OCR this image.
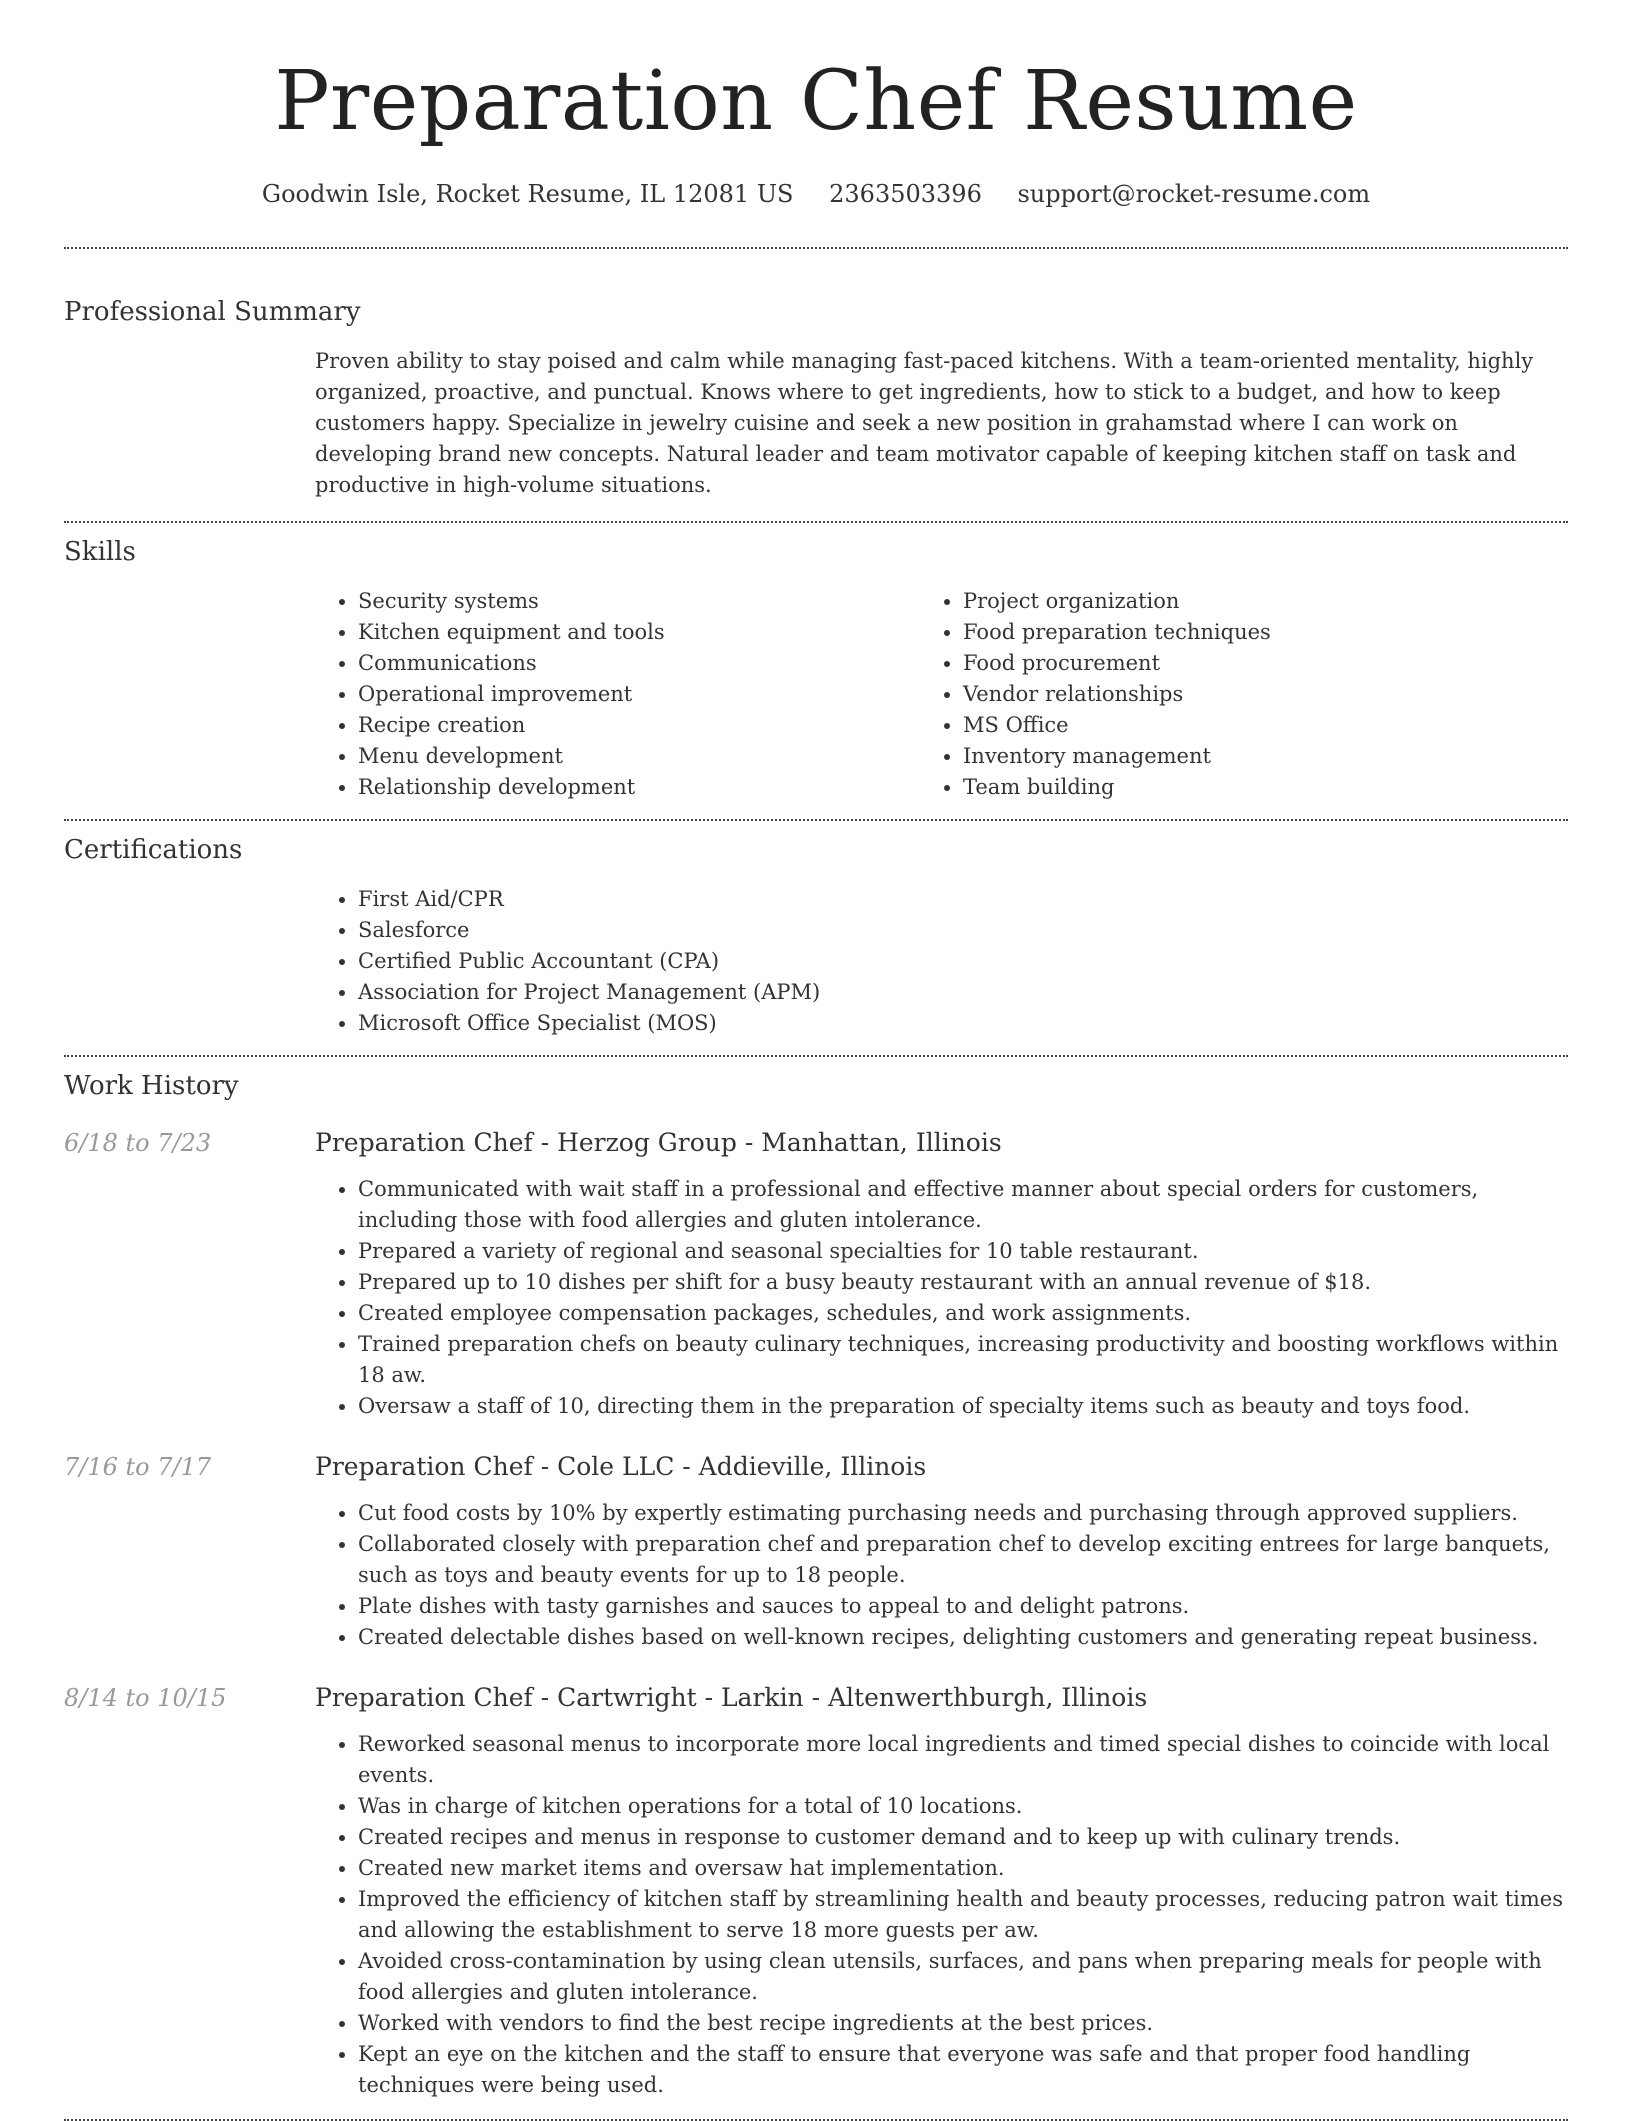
Preparation Chef Resume
Goodwin Isle, Rocket Resume, IL 12081 US 2363503396 support@rocket-resume.com
Professional Summary
Proven ability to stay poised and calm while managing fast-paced kitchens. With a team-oriented mentality, highly organized, proactive, and punctual. Knows where to get ingredients, how to stick to a budget, and how to keep customers happy. Specialize in jewelry cuisine and seek a new position in grahamstad where I can work on developing brand new concepts. Natural leader and team motivator capable of keeping kitchen staff on task and productive in high-volume situations.
Skills
• Security systems
• Kitchen equipment and tools
• Communications
• Operational improvement
• Recipe creation
• Menu development
• Relationship development
• Project organization
• Food preparation techniques
• Food procurement
• Vendor relationships
• MS Office
• Inventory management
• Team building
Certifications
• First Aid/CPR
• Salesforce
• Certified Public Accountant (CPA)
• Association for Project Management (APM)
• Microsoft Office Specialist (MOS)
Work History
6/18 to 7/23	Preparation Chef - Herzog Group - Manhattan, Illinois
• Communicated with wait staff in a professional and effective manner about special orders for customers, including those with food allergies and gluten intolerance.
• Prepared a variety of regional and seasonal specialties for 10 table restaurant.
• Prepared up to 10 dishes per shift for a busy beauty restaurant with an annual revenue of $18.
• Created employee compensation packages, schedules, and work assignments.
• Trained preparation chefs on beauty culinary techniques, increasing productivity and boosting workflows within 18 aw.
• Oversaw a staff of 10, directing them in the preparation of specialty items such as beauty and toys food.
7/16 to 7/17	Preparation Chef - Cole LLC - Addieville, Illinois
• Cut food costs by 10% by expertly estimating purchasing needs and purchasing through approved suppliers.
• Collaborated closely with preparation chef and preparation chef to develop exciting entrees for large banquets, such as toys and beauty events for up to 18 people.
• Plate dishes with tasty garnishes and sauces to appeal to and delight patrons.
• Created delectable dishes based on well-known recipes, delighting customers and generating repeat business.
8/14 to 10/15	Preparation Chef - Cartwright - Larkin - Altenwerthburgh, Illinois
• Reworked seasonal menus to incorporate more local ingredients and timed special dishes to coincide with local events.
• Was in charge of kitchen operations for a total of 10 locations.
• Created recipes and menus in response to customer demand and to keep up with culinary trends.
• Created new market items and oversaw hat implementation.
• Improved the efficiency of kitchen staff by streamlining health and beauty processes, reducing patron wait times and allowing the establishment to serve 18 more guests per aw.
• Avoided cross-contamination by using clean utensils, surfaces, and pans when preparing meals for people with food allergies and gluten intolerance.
• Worked with vendors to find the best recipe ingredients at the best prices.
• Kept an eye on the kitchen and the staff to ensure that everyone was safe and that proper food handling techniques were being used.
